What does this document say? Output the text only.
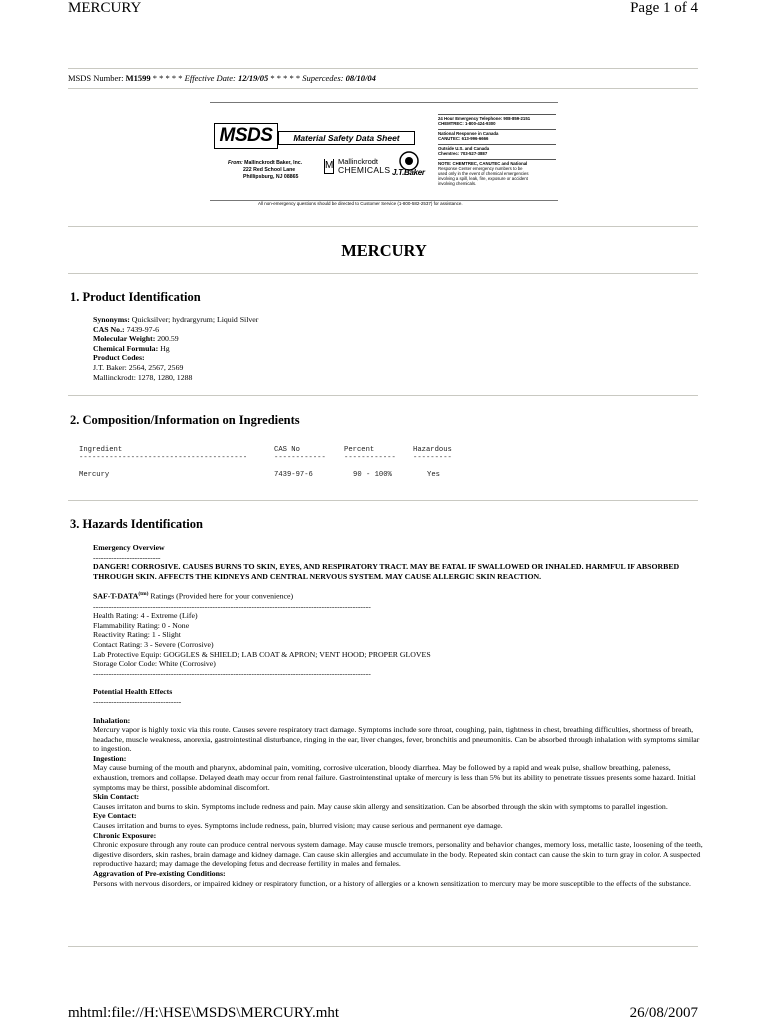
MERCURY	Page 1 of 4
MSDS Number: M1599 * * * * * Effective Date: 12/19/05 * * * * * Supercedes: 08/10/04
MSDS	Material Safety Data Sheet
From: Mallinckrodt Baker, Inc.
222 Red School Lane
Phillipsburg, NJ 08865
M Mallinckrodt
CHEMICALS J.T.Baker
24 Hour Emergency Telephone: 908-859-2151
CHEMTREC: 1-800-424-9300
National Response in Canada
CANUTEC: 613-996-6666
Outside U.S. and Canada
Chemtrec: 703-527-3887
NOTE: CHEMTREC, CANUTEC and National
Response Center emergency numbers to be
used only in the event of chemical emergencies
involving a spill, leak, fire, exposure or accident
involving chemicals.
All non-emergency questions should be directed to Customer Service (1-800-582-2537) for assistance.
MERCURY
1. Product Identification
Synonyms: Quicksilver; hydrargyrum; Liquid Silver
CAS No.: 7439-97-6
Molecular Weight: 200.59
Chemical Formula: Hg
Product Codes:
J.T. Baker: 2564, 2567, 2569
Mallinckrodt: 1278, 1280, 1288
2. Composition/Information on Ingredients
Ingredient	CAS No	Percent	Hazardous
---------------------------------------	------------	------------ ---------
Mercury	7439-97-6	90 - 100%	Yes
3. Hazards Identification
Emergency Overview
--------------------------
DANGER! CORROSIVE. CAUSES BURNS TO SKIN, EYES, AND RESPIRATORY TRACT. MAY BE FATAL IF SWALLOWED OR INHALED. HARMFUL IF ABSORBED THROUGH SKIN. AFFECTS THE KIDNEYS AND CENTRAL NERVOUS SYSTEM. MAY CAUSE ALLERGIC SKIN REACTION.
SAF-$T-DATA^{(tm)}$ Ratings (Provided here for your convenience)
-----------------------------------------------------------------------------------------------------------
Health Rating: 4 - Extreme (Life)
Flammability Rating: 0 - None
Reactivity Rating: 1 - Slight
Contact Rating: 3 - Severe (Corrosive)
Lab Protective Equip: GOGGLES & SHIELD; LAB COAT & APRON; VENT HOOD; PROPER GLOVES
Storage Color Code: White (Corrosive)
-----------------------------------------------------------------------------------------------------------
Potential Health Effects
----------------------------------
Inhalation:
Mercury vapor is highly toxic via this route. Causes severe respiratory tract damage. Symptoms include sore throat, coughing, pain, tightness in chest, breathing difficulties, shortness of breath, headache, muscle weakness, anorexia, gastrointestinal disturbance, ringing in the ear, liver changes, fever, bronchitis and pneumonitis. Can be absorbed through inhalation with symptoms similar to ingestion.
Ingestion:
May cause burning of the mouth and pharynx, abdominal pain, vomiting, corrosive ulceration, bloody diarrhea. May be followed by a rapid and weak pulse, shallow breathing, paleness, exhaustion, tremors and collapse. Delayed death may occur from renal failure. Gastrointenstinal uptake of mercury is less than 5% but its ability to penetrate tissues presents some hazard. Initial symptoms may be thirst, possible abdominal discomfort.
Skin Contact:
Causes irritaton and burns to skin. Symptoms include redness and pain. May cause skin allergy and sensitization. Can be absorbed through the skin with symptoms to parallel ingestion.
Eye Contact:
Causes irritation and burns to eyes. Symptoms include redness, pain, blurred vision; may cause serious and permanent eye damage.
Chronic Exposure:
Chronic exposure through any route can produce central nervous system damage. May cause muscle tremors, personality and behavior changes, memory loss, metallic taste, loosening of the teeth, digestive disorders, skin rashes, brain damage and kidney damage. Can cause skin allergies and accumulate in the body. Repeated skin contact can cause the skin to turn gray in color. A suspected reproductive hazard; may damage the developing fetus and decrease fertility in males and females.
Aggravation of Pre-existing Conditions:
Persons with nervous disorders, or impaired kidney or respiratory function, or a history of allergies or a known sensitization to mercury may be more susceptible to the effects of the substance.
mhtml:file://H:\HSE\MSDS\MERCURY.mht	26/08/2007
